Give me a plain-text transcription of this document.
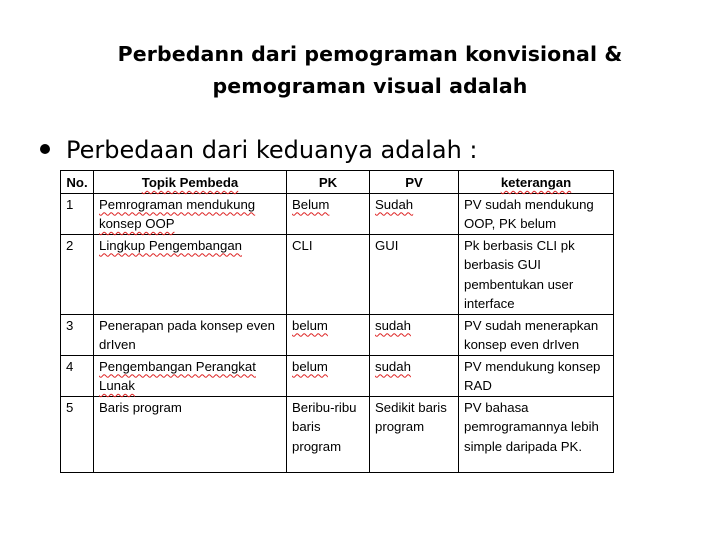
Perbedann dari pemograman konvisional &
pemograman visual adalah
Perbedaan dari keduanya adalah :
No.	Topik Pembeda	PK	PV	keterangan
1	Pemrograman mendukung konsep OOP	Belum	Sudah	PV sudah mendukung OOP, PK belum
2	Lingkup Pengembangan	CLI	GUI	Pk berbasis CLI pk berbasis GUI pembentukan user interface
3	Penerapan pada konsep even drIven	belum	sudah	PV sudah menerapkan konsep even drIven
4	Pengembangan Perangkat Lunak	belum	sudah	PV mendukung konsep RAD
5	Baris program	Beribu-ribu baris program	Sedikit baris program	PV bahasa pemrogramannya lebih simple daripada PK.
